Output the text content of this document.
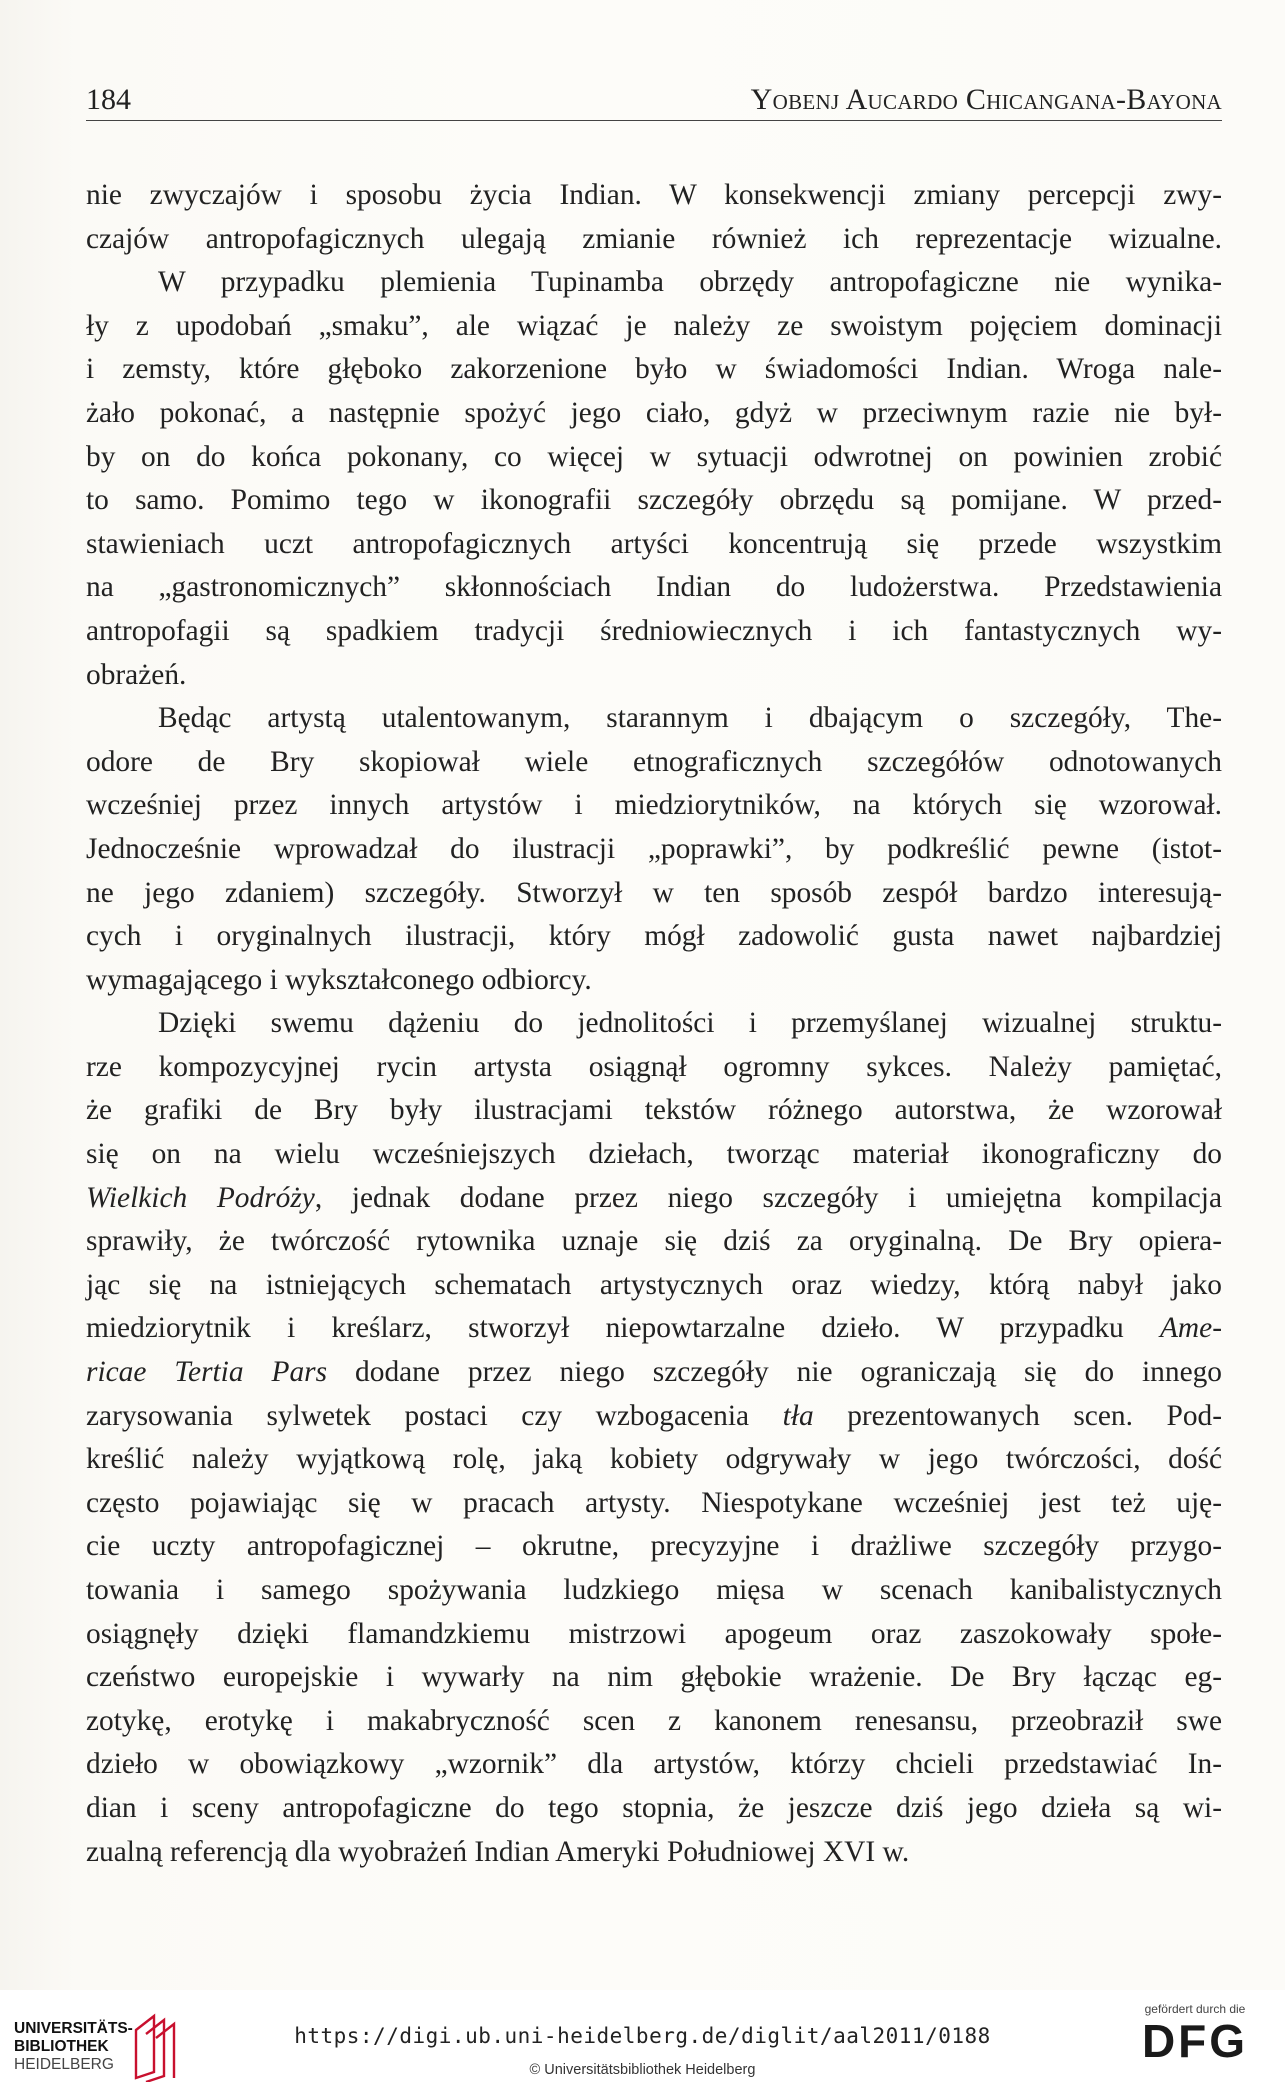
184	Yobenj Aucardo Chicangana-Bayona
nie zwyczajów i sposobu życia Indian. W konsekwencji zmiany percepcji zwy-
czajów antropofagicznych ulegają zmianie również ich reprezentacje wizualne.
W przypadku plemienia Tupinamba obrzędy antropofagiczne nie wynika-
ły z upodobań „smaku”, ale wiązać je należy ze swoistym pojęciem dominacji
i zemsty, które głęboko zakorzenione było w świadomości Indian. Wroga nale-
żało pokonać, a następnie spożyć jego ciało, gdyż w przeciwnym razie nie był-
by on do końca pokonany, co więcej w sytuacji odwrotnej on powinien zrobić
to samo. Pomimo tego w ikonografii szczegóły obrzędu są pomijane. W przed-
stawieniach uczt antropofagicznych artyści koncentrują się przede wszystkim
na „gastronomicznych” skłonnościach Indian do ludożerstwa. Przedstawienia
antropofagii są spadkiem tradycji średniowiecznych i ich fantastycznych wy-
obrażeń.
Będąc artystą utalentowanym, starannym i dbającym o szczegóły, The-
odore de Bry skopiował wiele etnograficznych szczegółów odnotowanych
wcześniej przez innych artystów i miedziorytników, na których się wzorował.
Jednocześnie wprowadzał do ilustracji „poprawki”, by podkreślić pewne (istot-
ne jego zdaniem) szczegóły. Stworzył w ten sposób zespół bardzo interesują-
cych i oryginalnych ilustracji, który mógł zadowolić gusta nawet najbardziej
wymagającego i wykształconego odbiorcy.
Dzięki swemu dążeniu do jednolitości i przemyślanej wizualnej struktu-
rze kompozycyjnej rycin artysta osiągnął ogromny sykces. Należy pamiętać,
że grafiki de Bry były ilustracjami tekstów różnego autorstwa, że wzorował
się on na wielu wcześniejszych dziełach, tworząc materiał ikonograficzny do
Wielkich Podróży, jednak dodane przez niego szczegóły i umiejętna kompilacja
sprawiły, że twórczość rytownika uznaje się dziś za oryginalną. De Bry opiera-
jąc się na istniejących schematach artystycznych oraz wiedzy, którą nabył jako
miedziorytnik i kreślarz, stworzył niepowtarzalne dzieło. W przypadku Ame-
ricae Tertia Pars dodane przez niego szczegóły nie ograniczają się do innego
zarysowania sylwetek postaci czy wzbogacenia tła prezentowanych scen. Pod-
kreślić należy wyjątkową rolę, jaką kobiety odgrywały w jego twórczości, dość
często pojawiając się w pracach artysty. Niespotykane wcześniej jest też uję-
cie uczty antropofagicznej – okrutne, precyzyjne i drażliwe szczegóły przygo-
towania i samego spożywania ludzkiego mięsa w scenach kanibalistycznych
osiągnęły dzięki flamandzkiemu mistrzowi apogeum oraz zaszokowały społe-
czeństwo europejskie i wywarły na nim głębokie wrażenie. De Bry łącząc eg-
zotykę, erotykę i makabryczność scen z kanonem renesansu, przeobraził swe
dzieło w obowiązkowy „wzornik” dla artystów, którzy chcieli przedstawiać In-
dian i sceny antropofagiczne do tego stopnia, że jeszcze dziś jego dzieła są wi-
zualną referencją dla wyobrażeń Indian Ameryki Południowej XVI w.
UNIVERSITÄTS-
BIBLIOTHEK
HEIDELBERG
https://digi.ub.uni-heidelberg.de/diglit/aal2011/0188
© Universitätsbibliothek Heidelberg
gefördert durch die
DFG
